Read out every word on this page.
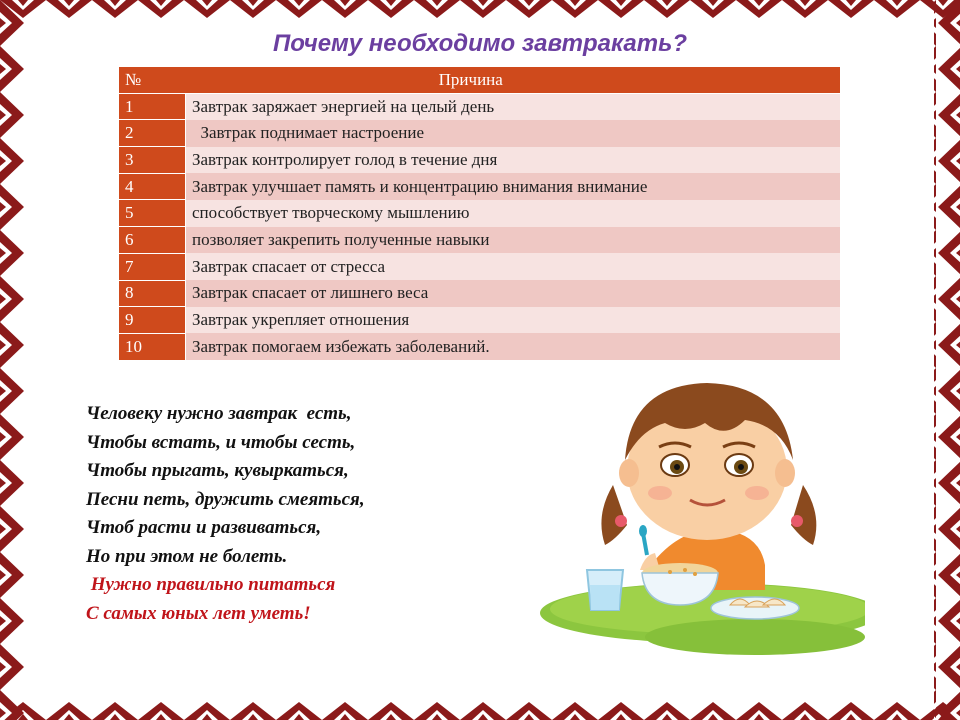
Почему необходимо завтракать?
№	Причина
1	Завтрак заряжает энергией на целый день
2	Завтрак поднимает настроение
3	Завтрак контролирует голод в течение дня
4	Завтрак улучшает память и концентрацию внимания внимание
5	способствует творческому мышлению
6	позволяет закрепить полученные навыки
7	Завтрак спасает от стресса
8	Завтрак спасает от лишнего веса
9	Завтрак укрепляет отношения
10	Завтрак помогаем избежать заболеваний.
Человеку нужно завтрак  есть,
Чтобы встать, и чтобы сесть,
Чтобы прыгать, кувыркаться,
Песни петь, дружить смеяться,
Чтоб расти и развиваться,
Но при этом не болеть.
Нужно правильно питаться
С самых юных лет уметь!
